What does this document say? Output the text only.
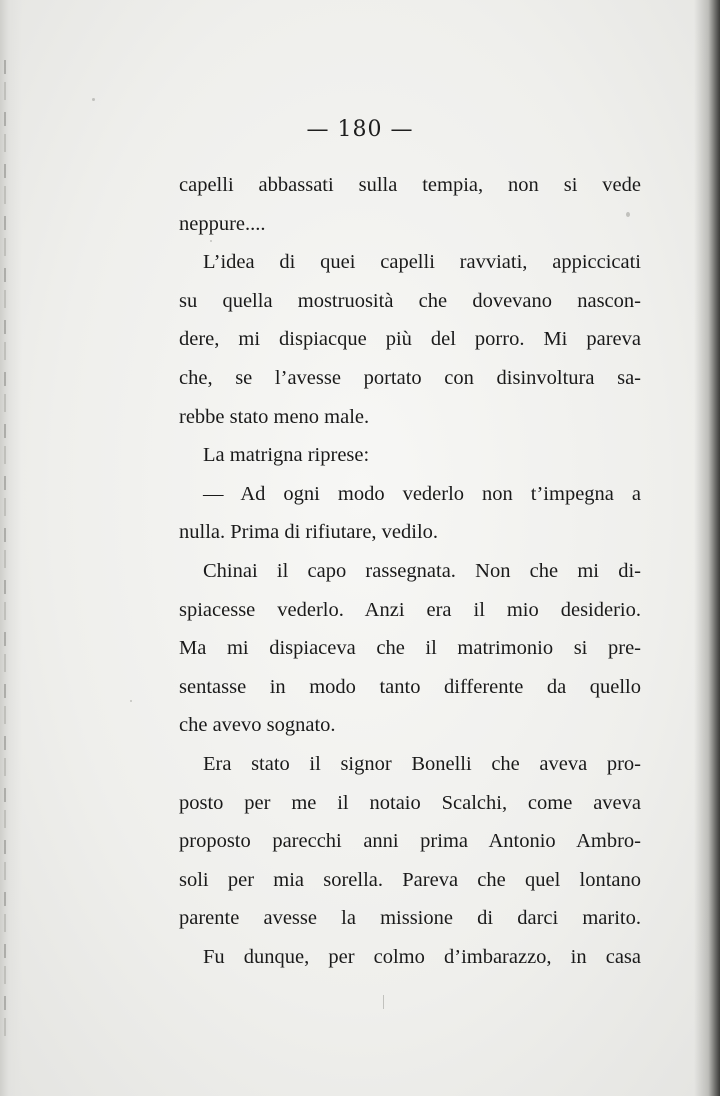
— 180 —
capelli abbassati sulla tempia, non si vede
neppure....
L’idea di quei capelli ravviati, appiccicati
su quella mostruosità che dovevano nascon-
dere, mi dispiacque più del porro. Mi pareva
che, se l’avesse portato con disinvoltura sa-
rebbe stato meno male.
La matrigna riprese:
— Ad ogni modo vederlo non t’impegna a
nulla. Prima di rifiutare, vedilo.
Chinai il capo rassegnata. Non che mi di-
spiacesse vederlo. Anzi era il mio desiderio.
Ma mi dispiaceva che il matrimonio si pre-
sentasse in modo tanto differente da quello
che avevo sognato.
Era stato il signor Bonelli che aveva pro-
posto per me il notaio Scalchi, come aveva
proposto parecchi anni prima Antonio Ambro-
soli per mia sorella. Pareva che quel lontano
parente avesse la missione di darci marito.
Fu dunque, per colmo d’imbarazzo, in casa
